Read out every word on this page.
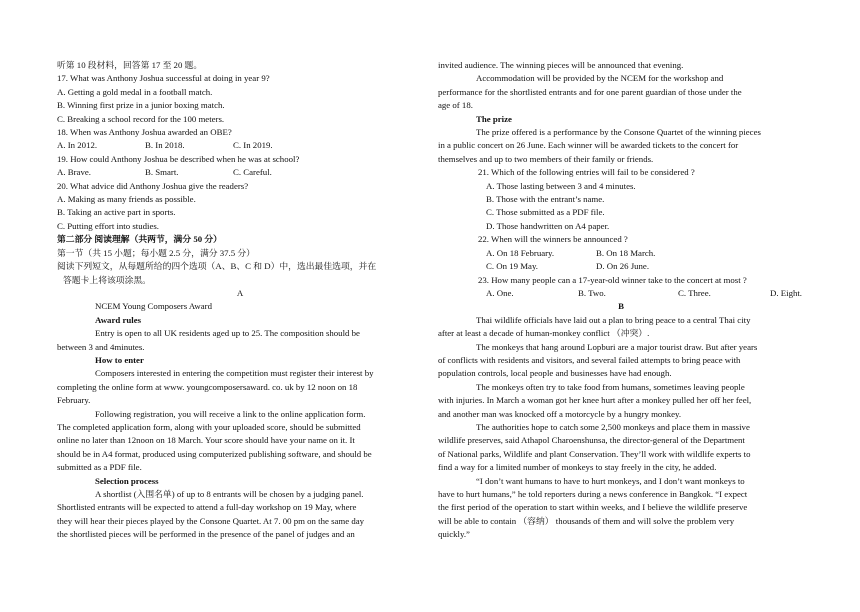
听第 10 段材料，回答第 17 至 20 题。
17. What was Anthony Joshua successful at doing in year 9?
A. Getting a gold medal in a football match.
B. Winning first prize in a junior boxing match.
C. Breaking a school record for the 100 meters.
18. When was Anthony Joshua awarded an OBE?
A. In 2012.	B. In 2018.	C. In 2019.
19. How could Anthony Joshua be described when he was at school?
A. Brave.	B. Smart.	C. Careful.
20. What advice did Anthony Joshua give the readers?
A. Making as many friends as possible.
B. Taking an active part in sports.
C. Putting effort into studies.
第二部分 阅读理解（共两节，满分 50 分）
第一节（共 15 小题；每小题 2.5 分，满分 37.5 分）
阅读下列短文，从每题所给的四个选项（A、B、C 和 D）中，选出最佳选项，并在
答题卡上将该项涂黑。
A
NCEM Young Composers Award
Award rules
Entry is open to all UK residents aged up to 25. The composition should be
between 3 and 4minutes.
How to enter
Composers interested in entering the competition must register their interest by
completing the online form at www. youngcomposersaward. co. uk by 12 noon on 18
February.
Following registration, you will receive a link to the online application form.
The completed application form, along with your uploaded score, should be submitted
online no later than 12noon on 18 March. Your score should have your name on it. It
should be in A4 format, produced using computerized publishing software, and should be
submitted as a PDF file.
Selection process
A shortlist (入围名单) of up to 8 entrants will be chosen by a judging panel.
Shortlisted entrants will be expected to attend a full-day workshop on 19 May, where
they will hear their pieces played by the Consone Quartet. At 7. 00 pm on the same day
the shortlisted pieces will be performed in the presence of the panel of judges and an
invited audience. The winning pieces will be announced that evening.
Accommodation will be provided by the NCEM for the workshop and
performance for the shortlisted entrants and for one parent guardian of those under the
age of 18.
The prize
The prize offered is a performance by the Consone Quartet of the winning pieces
in a public concert on 26 June. Each winner will be awarded tickets to the concert for
themselves and up to two members of their family or friends.
21. Which of the following entries will fail to be considered ?
A. Those lasting between 3 and 4 minutes.
B. Those with the entrant’s name.
C. Those submitted as a PDF file.
D. Those handwritten on A4 paper.
22. When will the winners be announced ?
A. On 18 February.	B. On 18 March.
C. On 19 May.	D. On 26 June.
23. How many people can a 17-year-old winner take to the concert at most ?
A. One.	B. Two.	C. Three.	D. Eight.
B
Thai wildlife officials have laid out a plan to bring peace to a central Thai city
after at least a decade of human-monkey conflict （冲突）.
The monkeys that hang around Lopburi are a major tourist draw. But after years
of conflicts with residents and visitors, and several failed attempts to bring peace with
population controls, local people and businesses have had enough.
The monkeys often try to take food from humans, sometimes leaving people
with injuries. In March a woman got her knee hurt after a monkey pulled her off her feel,
and another man was knocked off a motorcycle by a hungry monkey.
The authorities hope to catch some 2,500 monkeys and place them in massive
wildlife preserves, said Athapol Charoenshunsa, the director-general of the Department
of National parks, Wildlife and plant Conservation. They’ll work with wildlife experts to
find a way for a limited number of monkeys to stay freely in the city, he added.
“I don’t want humans to have to hurt monkeys, and I don’t want monkeys to
have to hurt humans,” he told reporters during a news conference in Bangkok. “I expect
the first period of the operation to start within weeks, and I believe the wildlife preserve
will be able to contain （容纳） thousands of them and will solve the problem very
quickly.”
